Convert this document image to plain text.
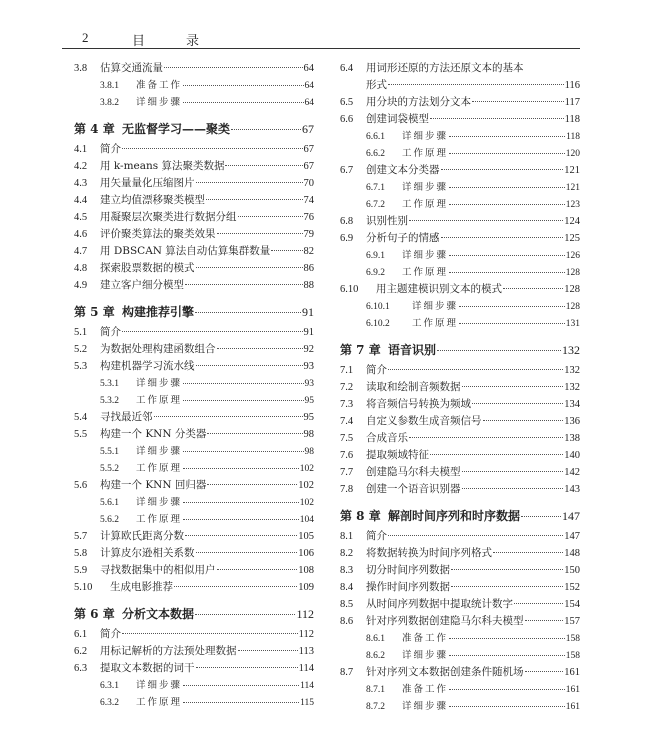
2	目　录
3.8	估算交通流量	64
3.8.1	准备工作	64
3.8.2	详细步骤	64
第 4 章 无监督学习——聚类	67
4.1	简介	67
4.2	用 k-means 算法聚类数据	67
4.3	用矢量量化压缩图片	70
4.4	建立均值漂移聚类模型	74
4.5	用凝聚层次聚类进行数据分组	76
4.6	评价聚类算法的聚类效果	79
4.7	用 DBSCAN 算法自动估算集群数量	82
4.8	探索股票数据的模式	86
4.9	建立客户细分模型	88
第 5 章 构建推荐引擎	91
5.1	简介	91
5.2	为数据处理构建函数组合	92
5.3	构建机器学习流水线	93
5.3.1	详细步骤	93
5.3.2	工作原理	95
5.4	寻找最近邻	95
5.5	构建一个 KNN 分类器	98
5.5.1	详细步骤	98
5.5.2	工作原理	102
5.6	构建一个 KNN 回归器	102
5.6.1	详细步骤	102
5.6.2	工作原理	104
5.7	计算欧氏距离分数	105
5.8	计算皮尔逊相关系数	106
5.9	寻找数据集中的相似用户	108
5.10	生成电影推荐	109
第 6 章 分析文本数据	112
6.1	简介	112
6.2	用标记解析的方法预处理数据	113
6.3	提取文本数据的词干	114
6.3.1	详细步骤	114
6.3.2	工作原理	115
6.4	用词形还原的方法还原文本的基本
形式	116
6.5	用分块的方法划分文本	117
6.6	创建词袋模型	118
6.6.1	详细步骤	118
6.6.2	工作原理	120
6.7	创建文本分类器	121
6.7.1	详细步骤	121
6.7.2	工作原理	123
6.8	识别性别	124
6.9	分析句子的情感	125
6.9.1	详细步骤	126
6.9.2	工作原理	128
6.10	用主题建模识别文本的模式	128
6.10.1	详细步骤	128
6.10.2	工作原理	131
第 7 章 语音识别	132
7.1	简介	132
7.2	读取和绘制音频数据	132
7.3	将音频信号转换为频域	134
7.4	自定义参数生成音频信号	136
7.5	合成音乐	138
7.6	提取频域特征	140
7.7	创建隐马尔科夫模型	142
7.8	创建一个语音识别器	143
第 8 章 解剖时间序列和时序数据	147
8.1	简介	147
8.2	将数据转换为时间序列格式	148
8.3	切分时间序列数据	150
8.4	操作时间序列数据	152
8.5	从时间序列数据中提取统计数字	154
8.6	针对序列数据创建隐马尔科夫模型	157
8.6.1	准备工作	158
8.6.2	详细步骤	158
8.7	针对序列文本数据创建条件随机场	161
8.7.1	准备工作	161
8.7.2	详细步骤	161
